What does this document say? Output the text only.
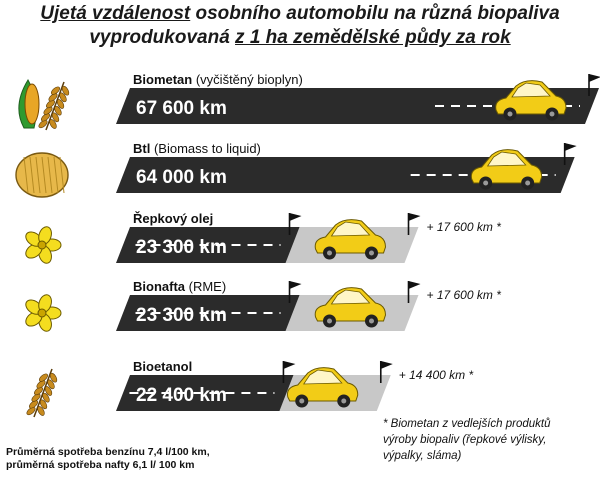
Ujetá vzdálenost osobního automobilu na různá biopaliva
vyprodukovaná z 1 ha zemědělské půdy za rok
Biometan (vyčištěný bioplyn)
67 600 km
Btl (Biomass to liquid)
64 000 km
Řepkový olej
23 300 km
+ 17 600 km *
Bionafta (RME)
23 300 km
+ 17 600 km *
Bioetanol
22 400 km
+ 14 400 km *
Průměrná spotřeba benzínu 7,4 l/100 km,
průměrná spotřeba nafty 6,1 l/ 100 km
* Biometan z vedlejších produktů
výroby biopaliv (řepkové výlisky,
výpalky, sláma)
